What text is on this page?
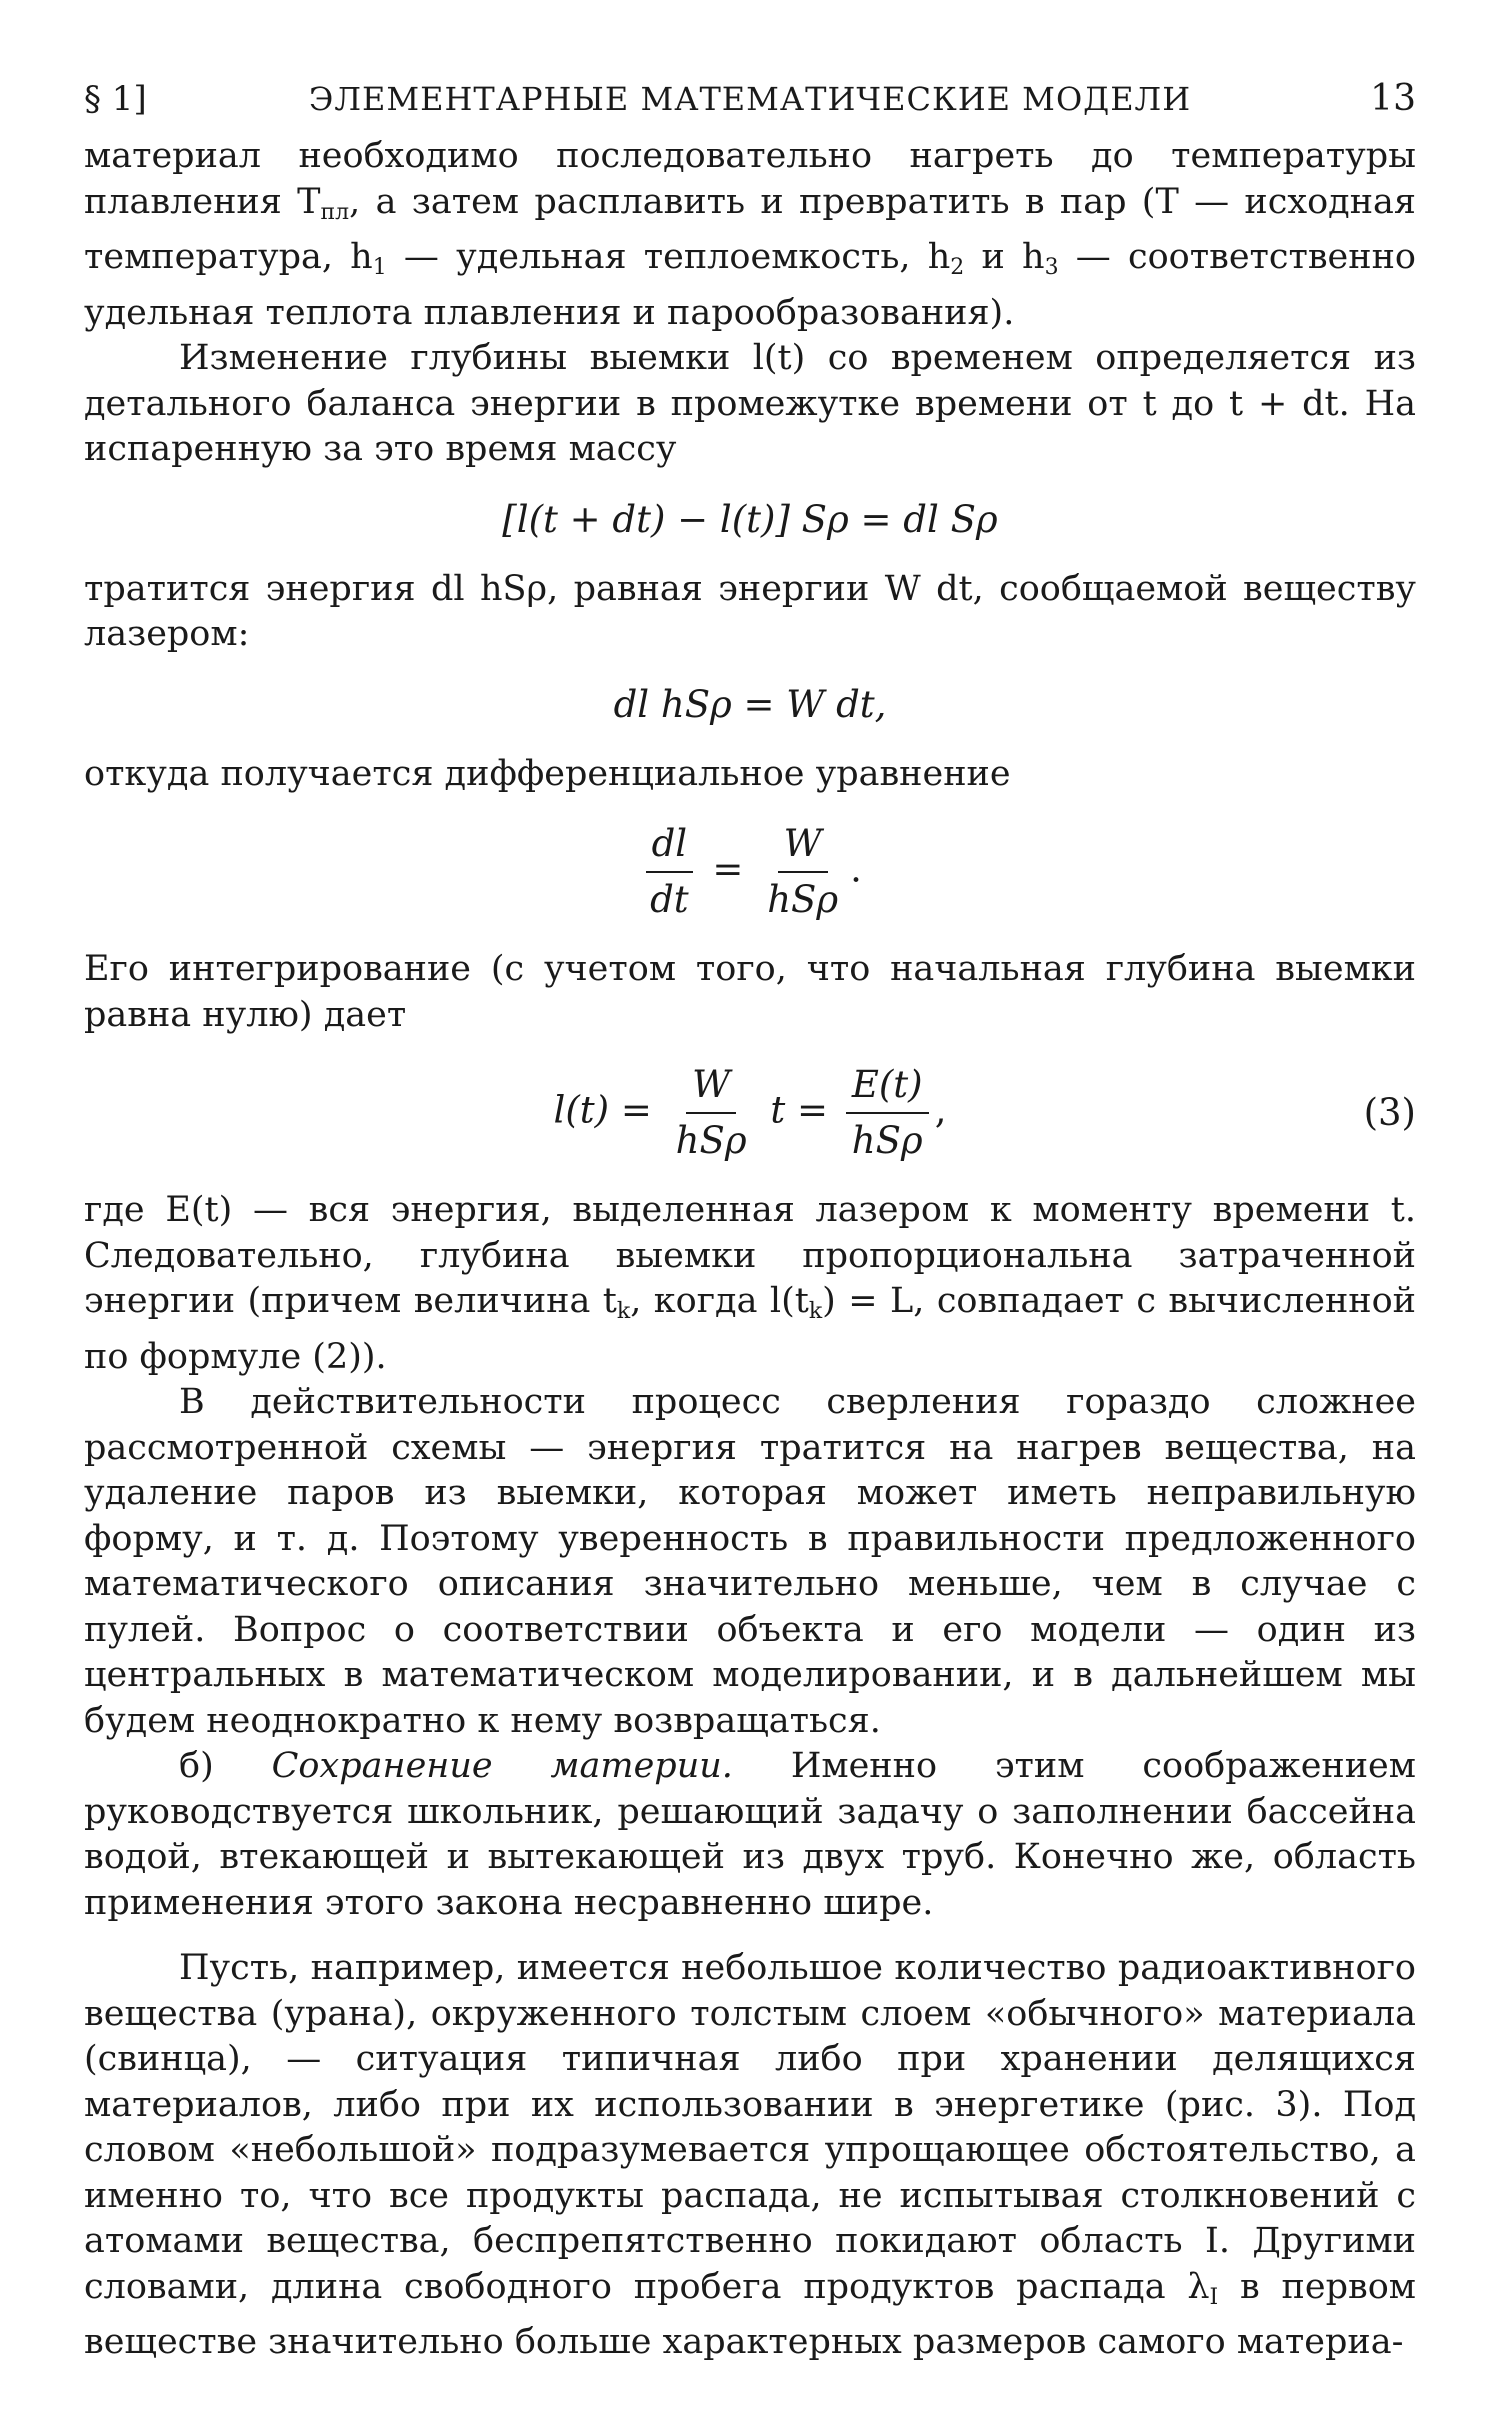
§ 1]	ЭЛЕМЕНТАРНЫЕ МАТЕМАТИЧЕСКИЕ МОДЕЛИ	13

материал необходимо последовательно нагреть до температуры плавления $T_{пл}$, а затем расплавить и превратить в пар (T — исходная температура, $h_1$ — удельная теплоемкость, $h_2$ и $h_3$ — соответственно удельная теплота плавления и парообразования).

Изменение глубины выемки l(t) со временем определяется из детального баланса энергии в промежутке времени от t до t + dt. На испаренную за это время массу

[l(t + dt) − l(t)] Sρ = dl Sρ

тратится энергия dl hSρ, равная энергии W dt, сообщаемой веществу лазером:

dl hSρ = W dt,

откуда получается дифференциальное уравнение

$\frac{dl}{dt} = \frac{W}{\text{hSρ}}$ .

Его интегрирование (с учетом того, что начальная глубина выемки равна нулю) дает

$l(t) = \frac{W}{\text{hSρ}}$ $t = \frac{E(t)}{\text{hSρ}}$ ,	(3)

где E(t) — вся энергия, выделенная лазером к моменту времени t. Следовательно, глубина выемки пропорциональна затраченной энергии (причем величина $t_k$, когда $l(t_k) = L$, совпадает с вычисленной по формуле (2)).

В действительности процесс сверления гораздо сложнее рассмотренной схемы — энергия тратится на нагрев вещества, на удаление паров из выемки, которая может иметь неправильную форму, и т. д. Поэтому уверенность в правильности предложенного математического описания значительно меньше, чем в случае с пулей. Вопрос о соответствии объекта и его модели — один из центральных в математическом моделировании, и в дальнейшем мы будем неоднократно к нему возвращаться.

б) Сохранение материи. Именно этим соображением руководствуется школьник, решающий задачу о заполнении бассейна водой, втекающей и вытекающей из двух труб. Конечно же, область применения этого закона несравненно шире.

Пусть, например, имеется небольшое количество радиоактивного вещества (урана), окруженного толстым слоем «обычного» материала (свинца), — ситуация типичная либо при хранении делящихся материалов, либо при их использовании в энергетике (рис. 3). Под словом «небольшой» подразумевается упрощающее обстоятельство, а именно то, что все продукты распада, не испытывая столкновений с атомами вещества, беспрепятственно покидают область I. Другими словами, длина свободного пробега продуктов распада $\lambda_I$ в первом веществе значительно больше характерных размеров самого материа-
